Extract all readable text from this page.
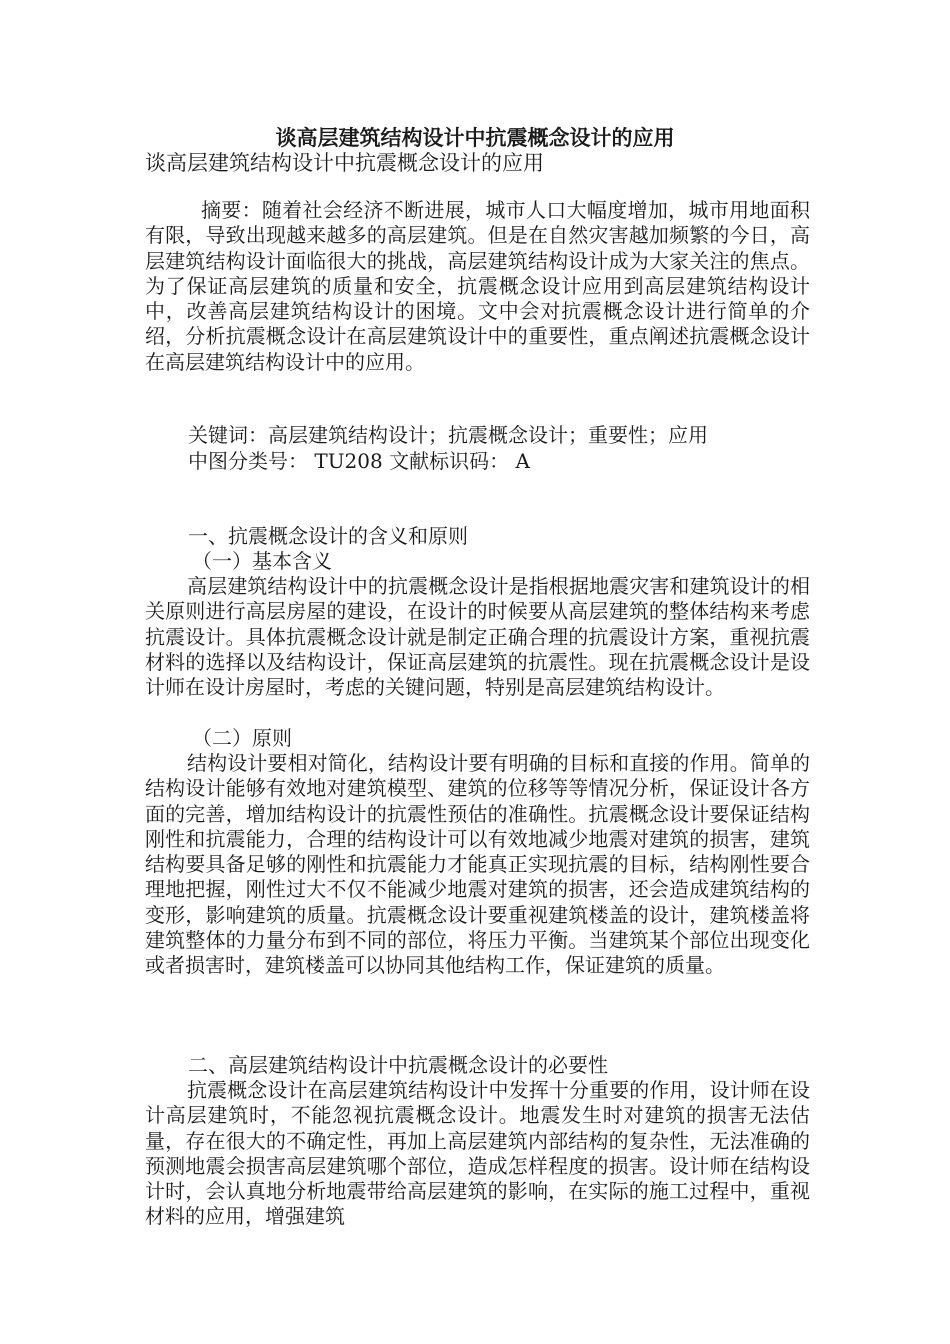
谈高层建筑结构设计中抗震概念设计的应用
谈高层建筑结构设计中抗震概念设计的应用
摘要：随着社会经济不断进展，城市人口大幅度增加，城市用地面积有限，导致出现越来越多的高层建筑。但是在自然灾害越加频繁的今日，高层建筑结构设计面临很大的挑战，高层建筑结构设计成为大家关注的焦点。为了保证高层建筑的质量和安全，抗震概念设计应用到高层建筑结构设计中，改善高层建筑结构设计的困境。文中会对抗震概念设计进行简单的介绍，分析抗震概念设计在高层建筑设计中的重要性，重点阐述抗震概念设计在高层建筑结构设计中的应用。
关键词：高层建筑结构设计；抗震概念设计；重要性；应用
中图分类号： TU208 文献标识码： A
一、抗震概念设计的含义和原则
（一）基本含义
高层建筑结构设计中的抗震概念设计是指根据地震灾害和建筑设计的相关原则进行高层房屋的建设，在设计的时候要从高层建筑的整体结构来考虑抗震设计。具体抗震概念设计就是制定正确合理的抗震设计方案，重视抗震材料的选择以及结构设计，保证高层建筑的抗震性。现在抗震概念设计是设计师在设计房屋时，考虑的关键问题，特别是高层建筑结构设计。
（二）原则
结构设计要相对简化，结构设计要有明确的目标和直接的作用。简单的结构设计能够有效地对建筑模型、建筑的位移等等情况分析，保证设计各方面的完善，增加结构设计的抗震性预估的准确性。抗震概念设计要保证结构刚性和抗震能力，合理的结构设计可以有效地减少地震对建筑的损害，建筑结构要具备足够的刚性和抗震能力才能真正实现抗震的目标，结构刚性要合理地把握，刚性过大不仅不能减少地震对建筑的损害，还会造成建筑结构的变形，影响建筑的质量。抗震概念设计要重视建筑楼盖的设计，建筑楼盖将建筑整体的力量分布到不同的部位，将压力平衡。当建筑某个部位出现变化或者损害时，建筑楼盖可以协同其他结构工作，保证建筑的质量。
二、高层建筑结构设计中抗震概念设计的必要性
抗震概念设计在高层建筑结构设计中发挥十分重要的作用，设计师在设计高层建筑时，不能忽视抗震概念设计。地震发生时对建筑的损害无法估量，存在很大的不确定性，再加上高层建筑内部结构的复杂性，无法准确的预测地震会损害高层建筑哪个部位，造成怎样程度的损害。设计师在结构设计时，会认真地分析地震带给高层建筑的影响，在实际的施工过程中，重视材料的应用，增强建筑
